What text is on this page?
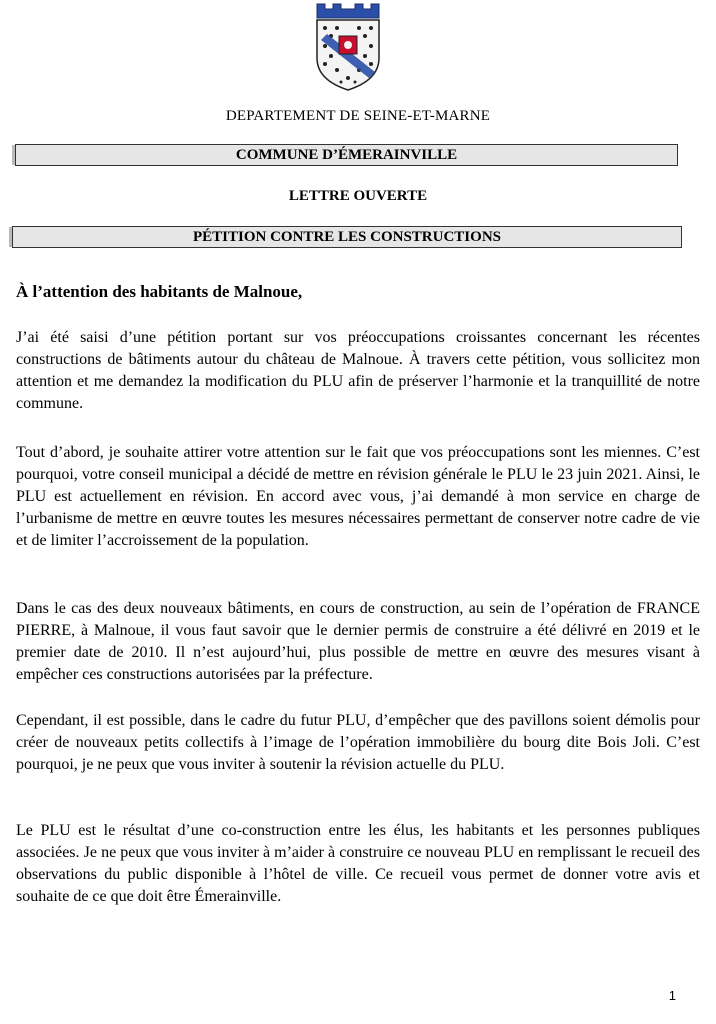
DEPARTEMENT DE SEINE-ET-MARNE
COMMUNE D’ÉMERAINVILLE
LETTRE OUVERTE
PÉTITION CONTRE LES CONSTRUCTIONS
À l’attention des habitants de Malnoue,
J’ai été saisi d’une pétition portant sur vos préoccupations croissantes concernant les récentes constructions de bâtiments autour du château de Malnoue. À travers cette pétition, vous sollicitez mon attention et me demandez la modification du PLU afin de préserver l’harmonie et la tranquillité de notre commune.
Tout d’abord, je souhaite attirer votre attention sur le fait que vos préoccupations sont les miennes. C’est pourquoi, votre conseil municipal a décidé de mettre en révision générale le PLU le 23 juin 2021. Ainsi, le PLU est actuellement en révision. En accord avec vous, j’ai demandé à mon service en charge de l’urbanisme de mettre en œuvre toutes les mesures nécessaires permettant de conserver notre cadre de vie et de limiter l’accroissement de la population.
Dans le cas des deux nouveaux bâtiments, en cours de construction, au sein de l’opération de FRANCE PIERRE, à Malnoue, il vous faut savoir que le dernier permis de construire a été délivré en 2019 et le premier date de 2010. Il n’est aujourd’hui, plus possible de mettre en œuvre des mesures visant à empêcher ces constructions autorisées par la préfecture.
Cependant, il est possible, dans le cadre du futur PLU, d’empêcher que des pavillons soient démolis pour créer de nouveaux petits collectifs à l’image de l’opération immobilière du bourg dite Bois Joli. C’est pourquoi, je ne peux que vous inviter à soutenir la révision actuelle du PLU.
Le PLU est le résultat d’une co-construction entre les élus, les habitants et les personnes publiques associées. Je ne peux que vous inviter à m’aider à construire ce nouveau PLU en remplissant le recueil des observations du public disponible à l’hôtel de ville. Ce recueil vous permet de donner votre avis et souhaite de ce que doit être Émerainville.
1
